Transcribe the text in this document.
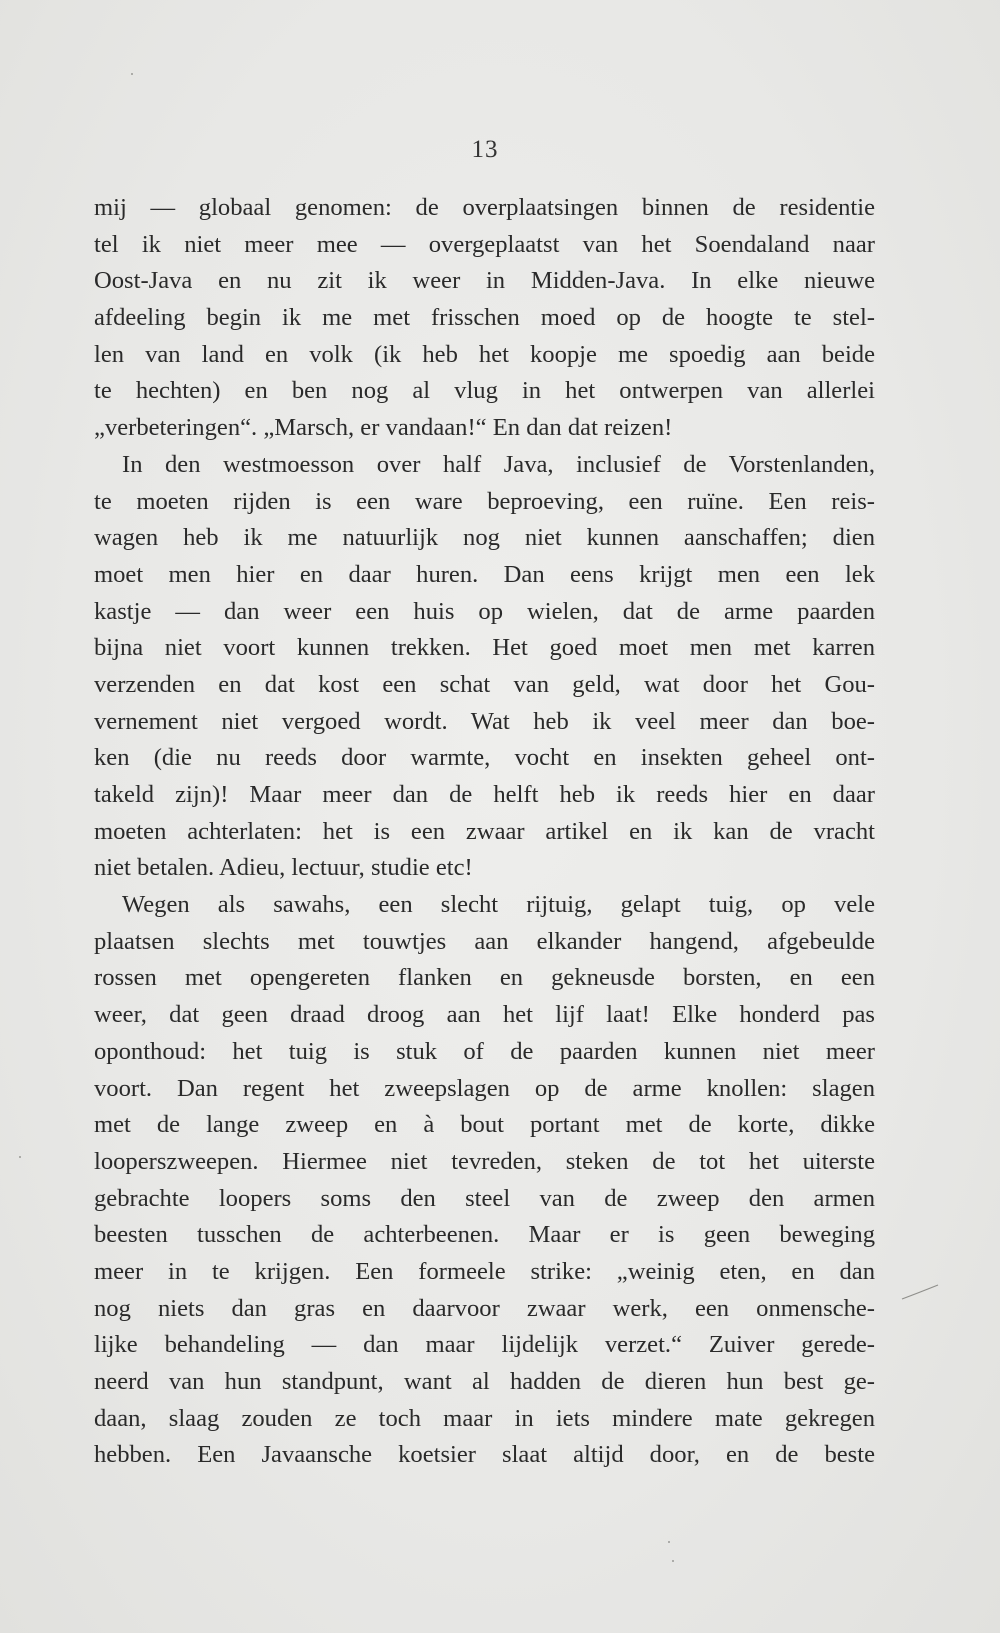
13
mij — globaal genomen: de overplaatsingen binnen de residentie
tel ik niet meer mee — overgeplaatst van het Soendaland naar
Oost-Java en nu zit ik weer in Midden-Java. In elke nieuwe
afdeeling begin ik me met frisschen moed op de hoogte te stel-
len van land en volk (ik heb het koopje me spoedig aan beide
te hechten) en ben nog al vlug in het ontwerpen van allerlei
„verbeteringen“. „Marsch, er vandaan!“ En dan dat reizen!
In den westmoesson over half Java, inclusief de Vorstenlanden,
te moeten rijden is een ware beproeving, een ruïne. Een reis-
wagen heb ik me natuurlijk nog niet kunnen aanschaffen; dien
moet men hier en daar huren. Dan eens krijgt men een lek
kastje — dan weer een huis op wielen, dat de arme paarden
bijna niet voort kunnen trekken. Het goed moet men met karren
verzenden en dat kost een schat van geld, wat door het Gou-
vernement niet vergoed wordt. Wat heb ik veel meer dan boe-
ken (die nu reeds door warmte, vocht en insekten geheel ont-
takeld zijn)! Maar meer dan de helft heb ik reeds hier en daar
moeten achterlaten: het is een zwaar artikel en ik kan de vracht
niet betalen. Adieu, lectuur, studie etc!
Wegen als sawahs, een slecht rijtuig, gelapt tuig, op vele
plaatsen slechts met touwtjes aan elkander hangend, afgebeulde
rossen met opengereten flanken en gekneusde borsten, en een
weer, dat geen draad droog aan het lijf laat! Elke honderd pas
oponthoud: het tuig is stuk of de paarden kunnen niet meer
voort. Dan regent het zweepslagen op de arme knollen: slagen
met de lange zweep en à bout portant met de korte, dikke
looperszweepen. Hiermee niet tevreden, steken de tot het uiterste
gebrachte loopers soms den steel van de zweep den armen
beesten tusschen de achterbeenen. Maar er is geen beweging
meer in te krijgen. Een formeele strike: „weinig eten, en dan
nog niets dan gras en daarvoor zwaar werk, een onmensche-
lijke behandeling — dan maar lijdelijk verzet.“ Zuiver gerede-
neerd van hun standpunt, want al hadden de dieren hun best ge-
daan, slaag zouden ze toch maar in iets mindere mate gekregen
hebben. Een Javaansche koetsier slaat altijd door, en de beste
